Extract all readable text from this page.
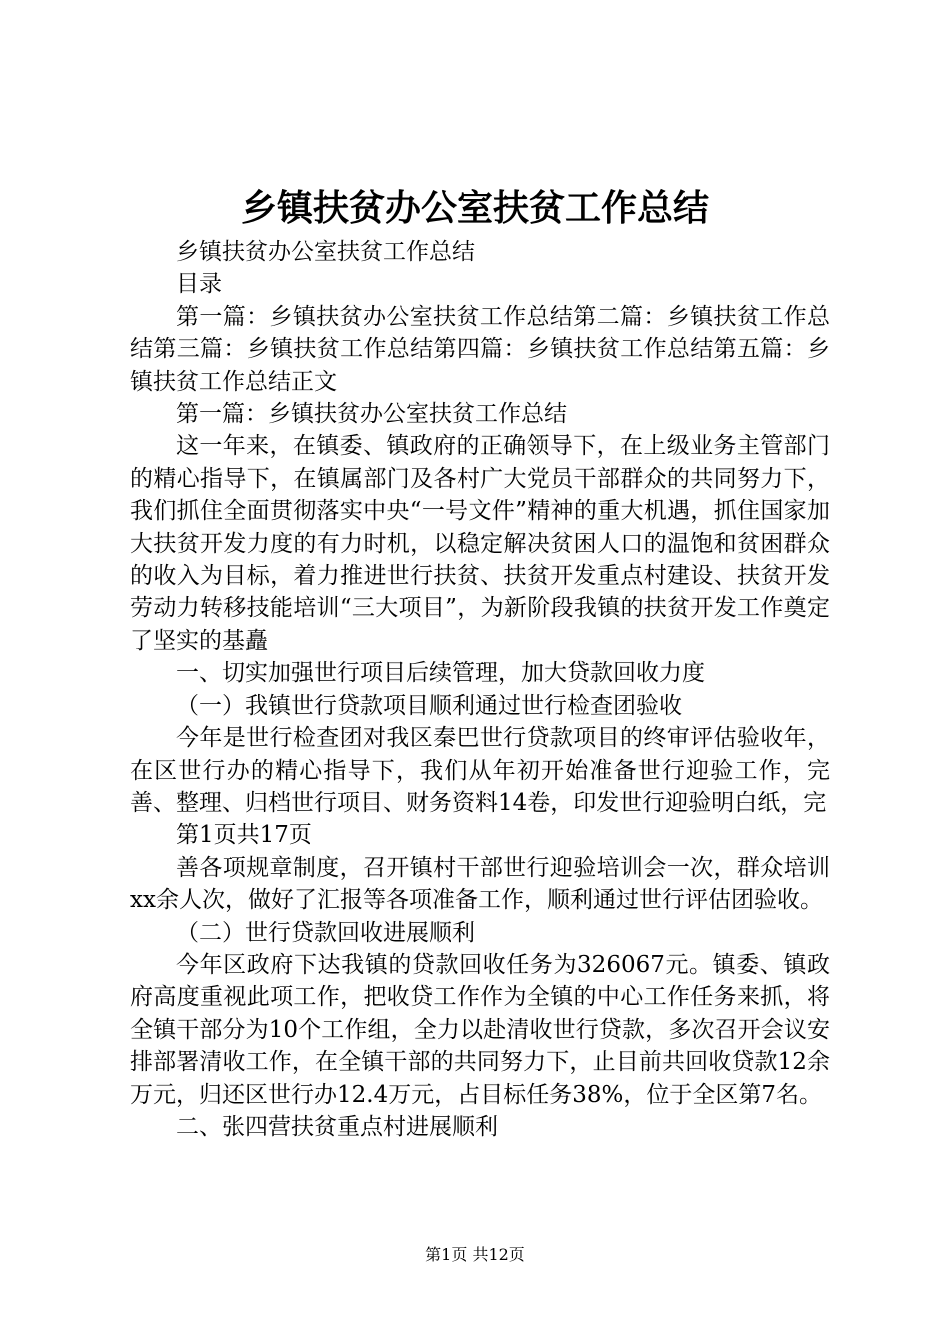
乡镇扶贫办公室扶贫工作总结

乡镇扶贫办公室扶贫工作总结

目录

第一篇：乡镇扶贫办公室扶贫工作总结第二篇：乡镇扶贫工作总结第三篇：乡镇扶贫工作总结第四篇：乡镇扶贫工作总结第五篇：乡镇扶贫工作总结正文

第一篇：乡镇扶贫办公室扶贫工作总结

这一年来，在镇委、镇政府的正确领导下，在上级业务主管部门的精心指导下，在镇属部门及各村广大党员干部群众的共同努力下，我们抓住全面贯彻落实中央“一号文件”精神的重大机遇，抓住国家加大扶贫开发力度的有力时机，以稳定解决贫困人口的温饱和贫困群众的收入为目标，着力推进世行扶贫、扶贫开发重点村建设、扶贫开发劳动力转移技能培训“三大项目”，为新阶段我镇的扶贫开发工作奠定了坚实的基矗

一、切实加强世行项目后续管理，加大贷款回收力度

（一）我镇世行贷款项目顺利通过世行检查团验收

今年是世行检查团对我区秦巴世行贷款项目的终审评估验收年，在区世行办的精心指导下，我们从年初开始准备世行迎验工作，完善、整理、归档世行项目、财务资料14卷，印发世行迎验明白纸，完

第1页共17页

善各项规章制度，召开镇村干部世行迎验培训会一次，群众培训xx余人次，做好了汇报等各项准备工作，顺利通过世行评估团验收。

（二）世行贷款回收进展顺利

今年区政府下达我镇的贷款回收任务为326067元。镇委、镇政府高度重视此项工作，把收贷工作作为全镇的中心工作任务来抓，将全镇干部分为10个工作组，全力以赴清收世行贷款，多次召开会议安排部署清收工作，在全镇干部的共同努力下，止目前共回收贷款12余万元，归还区世行办12.4万元，占目标任务38%，位于全区第7名。

二、张四营扶贫重点村进展顺利

第1页 共12页
